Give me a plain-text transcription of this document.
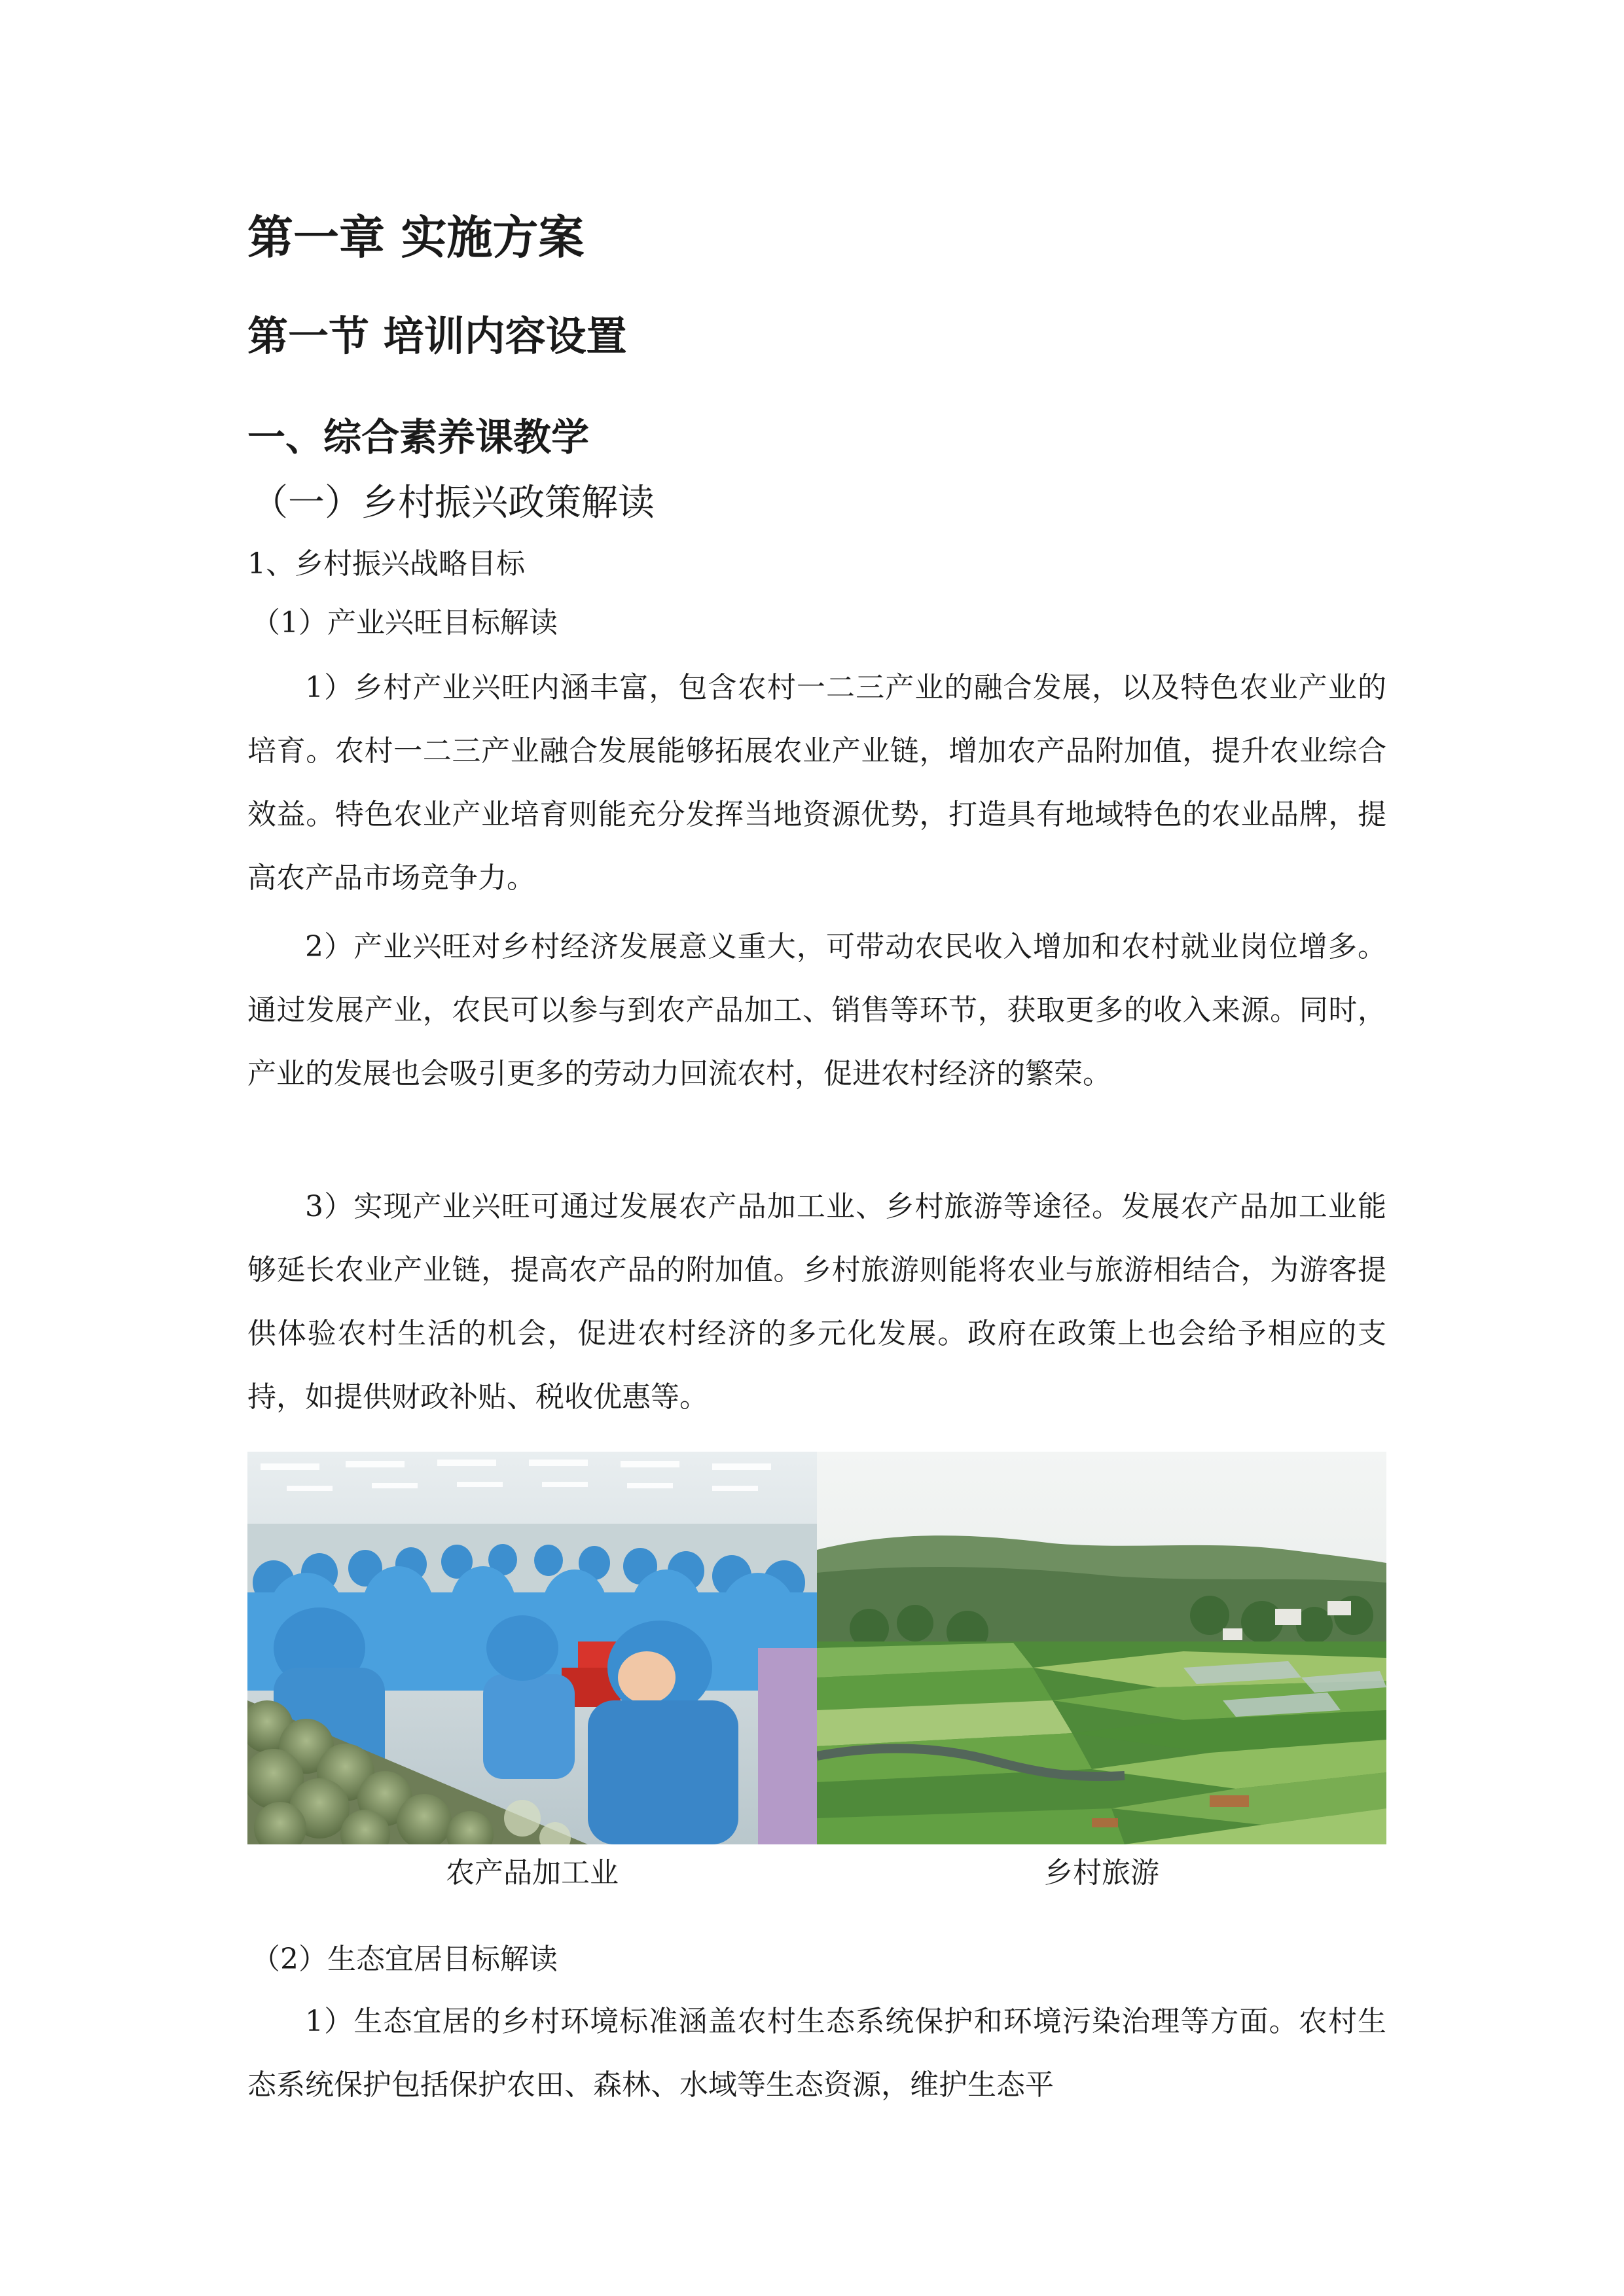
第一章 实施方案
第一节 培训内容设置
一、综合素养课教学
（一）乡村振兴政策解读
1、乡村振兴战略目标
（1）产业兴旺目标解读

1）乡村产业兴旺内涵丰富，包含农村一二三产业的融合发展，以及特色农业产业的培育。农村一二三产业融合发展能够拓展农业产业链，增加农产品附加值，提升农业综合效益。特色农业产业培育则能充分发挥当地资源优势，打造具有地域特色的农业品牌，提高农产品市场竞争力。

2）产业兴旺对乡村经济发展意义重大，可带动农民收入增加和农村就业岗位增多。通过发展产业，农民可以参与到农产品加工、销售等环节，获取更多的收入来源。同时，产业的发展也会吸引更多的劳动力回流农村，促进农村经济的繁荣。

3）实现产业兴旺可通过发展农产品加工业、乡村旅游等途径。发展农产品加工业能够延长农业产业链，提高农产品的附加值。乡村旅游则能将农业与旅游相结合，为游客提供体验农村生活的机会，促进农村经济的多元化发展。政府在政策上也会给予相应的支持，如提供财政补贴、税收优惠等。

农产品加工业	乡村旅游
（2）生态宜居目标解读

1）生态宜居的乡村环境标准涵盖农村生态系统保护和环境污染治理等方面。农村生态系统保护包括保护农田、森林、水域等生态资源，维护生态平
